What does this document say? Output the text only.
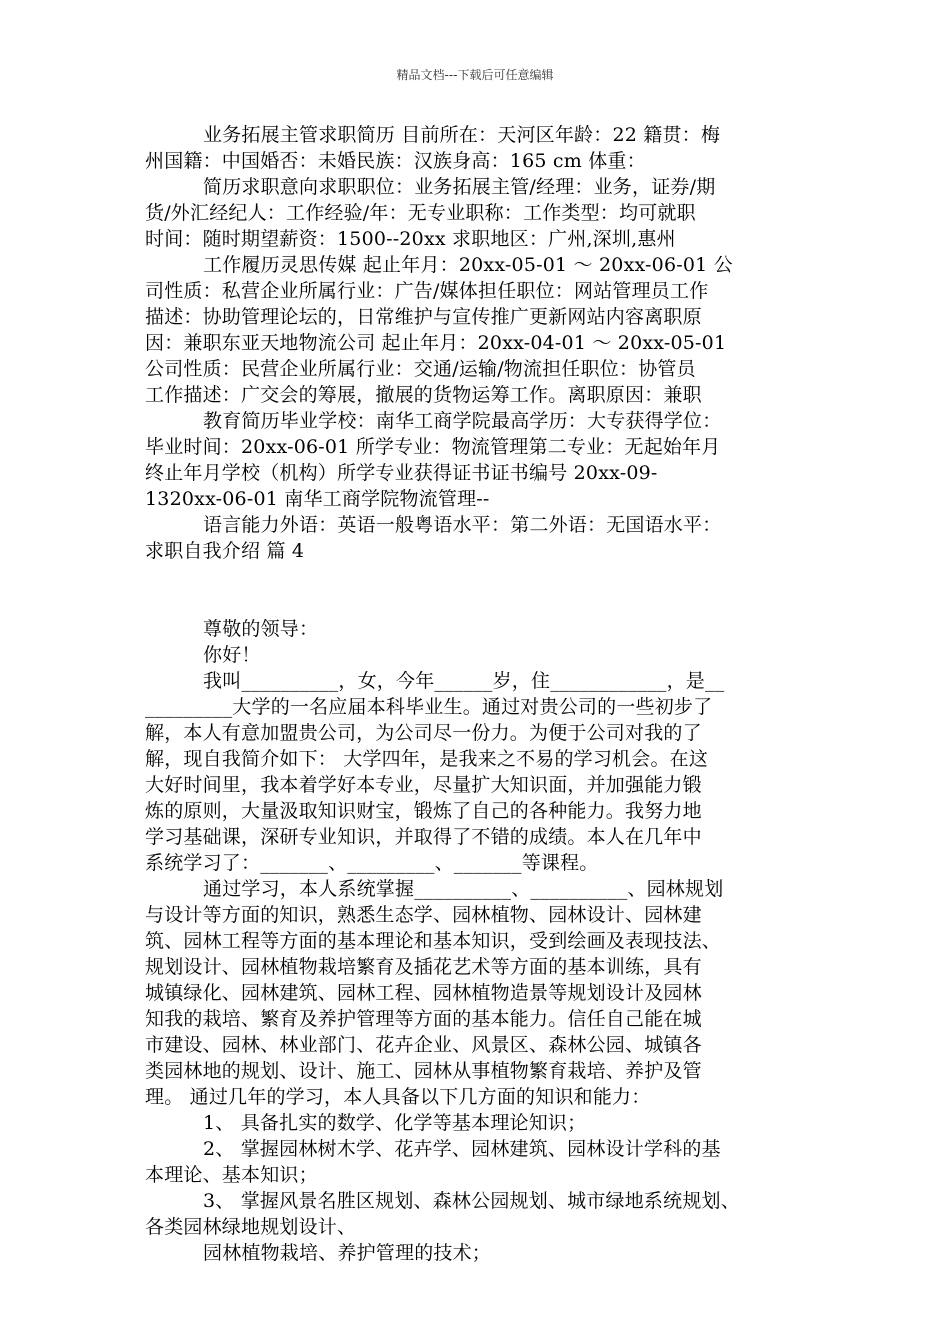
精品文档---下载后可任意编辑
业务拓展主管求职简历 目前所在：天河区年龄：22 籍贯：梅
州国籍：中国婚否：未婚民族：汉族身高：165 cm 体重：
简历求职意向求职职位：业务拓展主管/经理：业务，证券/期
货/外汇经纪人：工作经验/年：无专业职称：工作类型：均可就职
时间：随时期望薪资：1500--20xx 求职地区：广州,深圳,惠州
工作履历灵思传媒 起止年月：20xx-05-01 ～ 20xx-06-01 公
司性质：私营企业所属行业：广告/媒体担任职位：网站管理员工作
描述：协助管理论坛的，日常维护与宣传推广更新网站内容离职原
因：兼职东亚天地物流公司 起止年月：20xx-04-01 ～ 20xx-05-01
公司性质：民营企业所属行业：交通/运输/物流担任职位：协管员
工作描述：广交会的筹展，撤展的货物运筹工作。离职原因：兼职
教育简历毕业学校：南华工商学院最高学历：大专获得学位：
毕业时间：20xx-06-01 所学专业：物流管理第二专业：无起始年月
终止年月学校（机构）所学专业获得证书证书编号 20xx-09-
1320xx-06-01 南华工商学院物流管理--
语言能力外语：英语一般粤语水平：第二外语：无国语水平：
求职自我介绍 篇 4
尊敬的领导：
你好！
我叫__________，女，今年______岁，住____________，是__
_________大学的一名应届本科毕业生。通过对贵公司的一些初步了
解，本人有意加盟贵公司，为公司尽一份力。为便于公司对我的了
解，现自我简介如下： 大学四年，是我来之不易的学习机会。在这
大好时间里，我本着学好本专业，尽量扩大知识面，并加强能力锻
炼的原则，大量汲取知识财宝，锻炼了自己的各种能力。我努力地
学习基础课，深研专业知识，并取得了不错的成绩。本人在几年中
系统学习了：_______、_________、_______等课程。
通过学习，本人系统掌握__________、__________、园林规划
与设计等方面的知识，熟悉生态学、园林植物、园林设计、园林建
筑、园林工程等方面的基本理论和基本知识，受到绘画及表现技法、
规划设计、园林植物栽培繁育及插花艺术等方面的基本训练，具有
城镇绿化、园林建筑、园林工程、园林植物造景等规划设计及园林
知我的栽培、繁育及养护管理等方面的基本能力。信任自己能在城
市建设、园林、林业部门、花卉企业、风景区、森林公园、城镇各
类园林地的规划、设计、施工、园林从事植物繁育栽培、养护及管
理。 通过几年的学习，本人具备以下几方面的知识和能力：
1、 具备扎实的数学、化学等基本理论知识；
2、 掌握园林树木学、花卉学、园林建筑、园林设计学科的基
本理论、基本知识；
3、 掌握风景名胜区规划、森林公园规划、城市绿地系统规划、
各类园林绿地规划设计、
园林植物栽培、养护管理的技术；
